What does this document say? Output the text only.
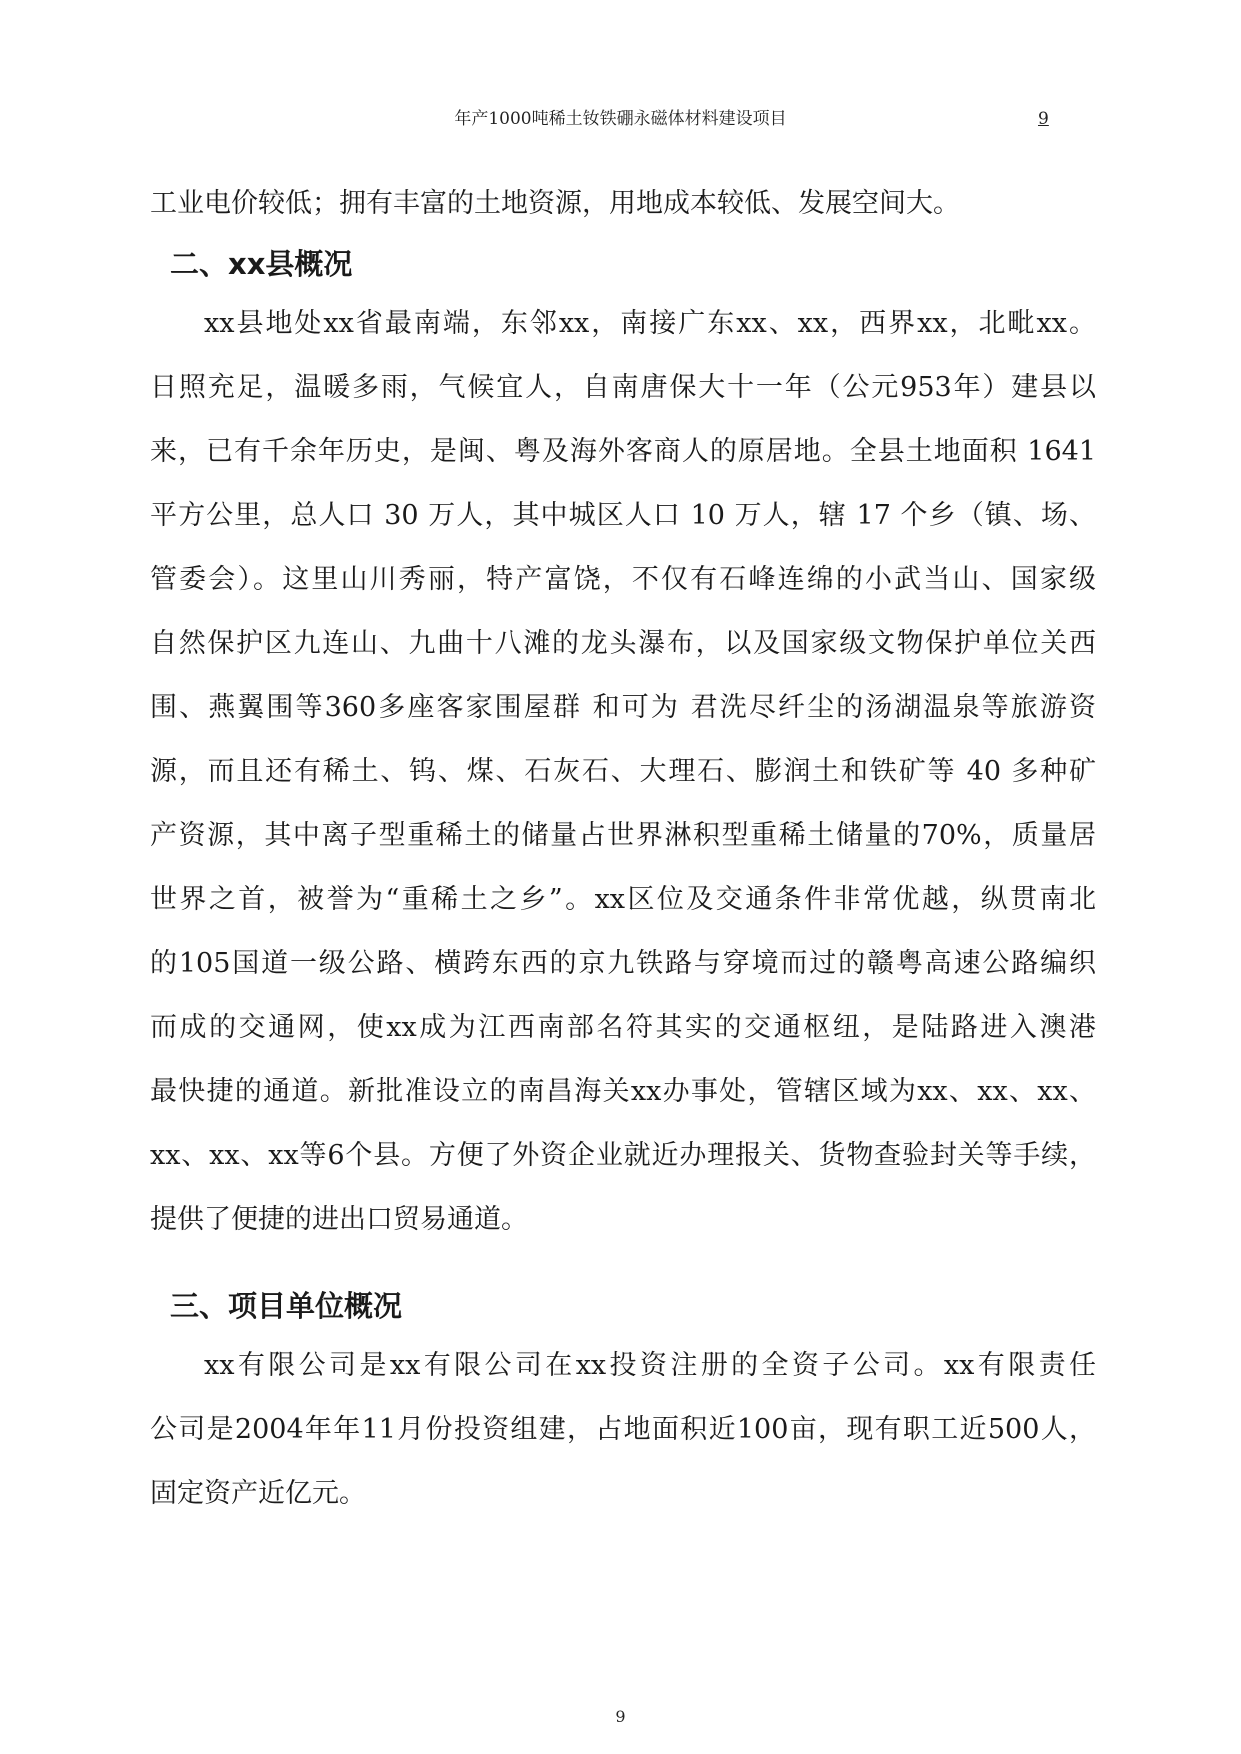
年产1000吨稀土钕铁硼永磁体材料建设项目	9

工业电价较低；拥有丰富的土地资源，用地成本较低、发展空间大。

二、xx县概况

xx县地处xx省最南端，东邻xx，南接广东xx、xx，西界xx，北毗xx。

日照充足，温暖多雨，气候宜人，自南唐保大十一年（公元953年）建县以

来，已有千余年历史，是闽、粤及海外客商人的原居地。全县土地面积 1641

平方公里，总人口 30 万人，其中城区人口 10 万人，辖 17 个乡（镇、场、

管委会）。这里山川秀丽，特产富饶，不仅有石峰连绵的小武当山、国家级

自然保护区九连山、九曲十八滩的龙头瀑布，以及国家级文物保护单位关西

围、燕翼围等360多座客家围屋群 和可为 君洗尽纤尘的汤湖温泉等旅游资

源，而且还有稀土、钨、煤、石灰石、大理石、膨润土和铁矿等 40 多种矿

产资源，其中离子型重稀土的储量占世界淋积型重稀土储量的70%，质量居

世界之首，被誉为“重稀土之乡”。xx区位及交通条件非常优越，纵贯南北

的105国道一级公路、横跨东西的京九铁路与穿境而过的赣粤高速公路编织

而成的交通网，使xx成为江西南部名符其实的交通枢纽，是陆路进入澳港

最快捷的通道。新批准设立的南昌海关xx办事处，管辖区域为xx、xx、xx、

xx、xx、xx等6个县。方便了外资企业就近办理报关、货物查验封关等手续，

提供了便捷的进出口贸易通道。

三、项目单位概况

xx有限公司是xx有限公司在xx投资注册的全资子公司。xx有限责任

公司是2004年年11月份投资组建，占地面积近100亩，现有职工近500人，

固定资产近亿元。

9
